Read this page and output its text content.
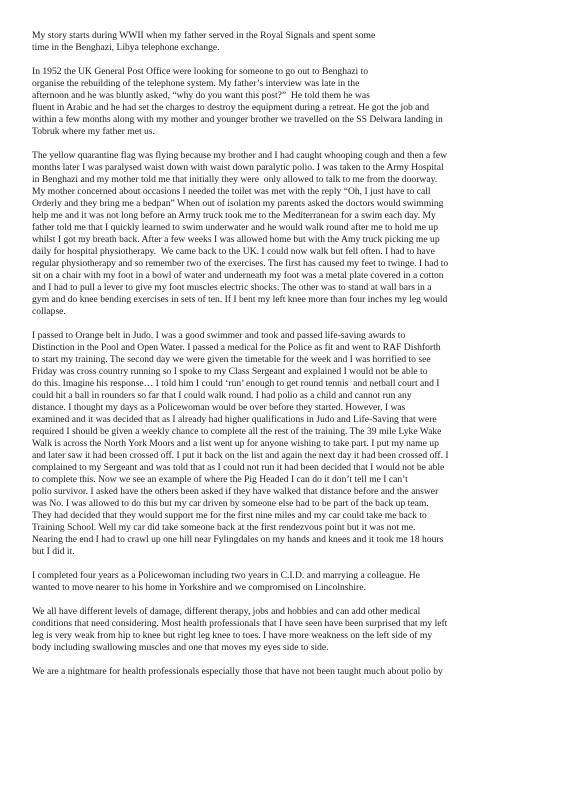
My story starts during WWII when my father served in the Royal Signals and spent some
time in the Benghazi, Libya telephone exchange.

In 1952 the UK General Post Office were looking for someone to go out to Benghazi to
organise the rebuilding of the telephone system. My father’s interview was late in the
afternoon and he was bluntly asked, “why do you want this post?”  He told them he was
fluent in Arabic and he had set the charges to destroy the equipment during a retreat. He got the job and
within a few months along with my mother and younger brother we travelled on the SS Delwara landing in
Tobruk where my father met us.

The yellow quarantine flag was flying because my brother and I had caught whooping cough and then a few
months later I was paralysed waist down with waist down paralytic polio. I was taken to the Army Hospital
in Benghazi and my mother told me that initially they were  only allowed to talk to me from the doorway.
My mother concerned about occasions I needed the toilet was met with the reply “Oh, I just have to call
Orderly and they bring me a bedpan” When out of isolation my parents asked the doctors would swimming
help me and it was not long before an Army truck took me to the Mediterranean for a swim each day. My
father told me that I quickly learned to swim underwater and he would walk round after me to hold me up
whilst I got my breath back. After a few weeks I was allowed home but with the Amy truck picking me up
daily for hospital physiotherapy.  We came back to the UK. I could now walk but fell often. I had to have
regular physiotherapy and so remember two of the exercises. The first has caused my feet to twinge. I had to
sit on a chair with my foot in a bowl of water and underneath my foot was a metal plate covered in a cotton
and I had to pull a lever to give my foot muscles electric shocks. The other was to stand at wall bars in a
gym and do knee bending exercises in sets of ten. If I bent my left knee more than four inches my leg would
collapse.

I passed to Orange belt in Judo. I was a good swimmer and took and passed life-saving awards to
Distinction in the Pool and Open Water. I passed a medical for the Police as fit and went to RAF Dishforth
to start my training. The second day we were given the timetable for the week and I was horrified to see
Friday was cross country running so I spoke to my Class Sergeant and explained I would not be able to
do this. Imagine his response… I told him I could ‘run’ enough to get round tennis  and netball court and I
could hit a ball in rounders so far that I could walk round. I had polio as a child and cannot run any
distance. I thought my days as a Policewoman would be over before they started. However, I was
examined and it was decided that as I already had higher qualifications in Judo and Life-Saving that were
required I should be given a weekly chance to complete all the rest of the training. The 39 mile Lyke Wake
Walk is across the North York Moors and a list went up for anyone wishing to take part. I put my name up
and later saw it had been crossed off. I put it back on the list and again the next day it had been crossed off. I
complained to my Sergeant and was told that as I could not run it had been decided that I would not be able
to complete this. Now we see an example of where the Pig Headed I can do it don’t tell me I can’t
polio survivor. I asked have the others been asked if they have walked that distance before and the answer
was No. I was allowed to do this but my car driven by someone else had to be part of the back up team.
They had decided that they would support me for the first nine miles and my car could take me back to
Training School. Well my car did take someone back at the first rendezvous point but it was not me.
Nearing the end I had to crawl up one hill near Fylingdales on my hands and knees and it took me 18 hours
but I did it.

I completed four years as a Policewoman including two years in C.I.D. and marrying a colleague. He
wanted to move nearer to his home in Yorkshire and we compromised on Lincolnshire.

We all have different levels of damage, different therapy, jobs and hobbies and can add other medical
conditions that need considering. Most health professionals that I have seen have been surprised that my left
leg is very weak from hip to knee but right leg knee to toes. I have more weakness on the left side of my
body including swallowing muscles and one that moves my eyes side to side.

We are a nightmare for health professionals especially those that have not been taught much about polio by
